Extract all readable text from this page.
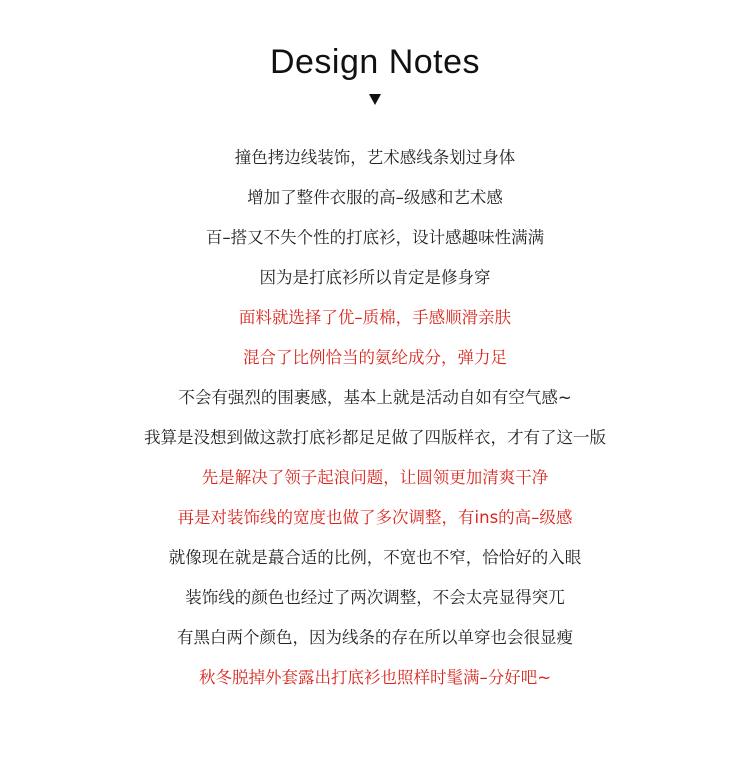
Design Notes
撞色拷边线装饰，艺术感线条划过身体
增加了整件衣服的高–级感和艺术感
百–搭又不失个性的打底衫，设计感趣味性满满
因为是打底衫所以肯定是修身穿
面料就选择了优–质棉，手感顺滑亲肤
混合了比例恰当的氨纶成分，弹力足
不会有强烈的围裹感，基本上就是活动自如有空气感~
我算是没想到做这款打底衫都足足做了四版样衣，才有了这一版
先是解决了领子起浪问题，让圆领更加清爽干净
再是对装饰线的宽度也做了多次调整，有ins的高–级感
就像现在就是蕞合适的比例，不宽也不窄，恰恰好的入眼
装饰线的颜色也经过了两次调整，不会太亮显得突兀
有黑白两个颜色，因为线条的存在所以单穿也会很显瘦
秋冬脱掉外套露出打底衫也照样时髦满–分好吧~
